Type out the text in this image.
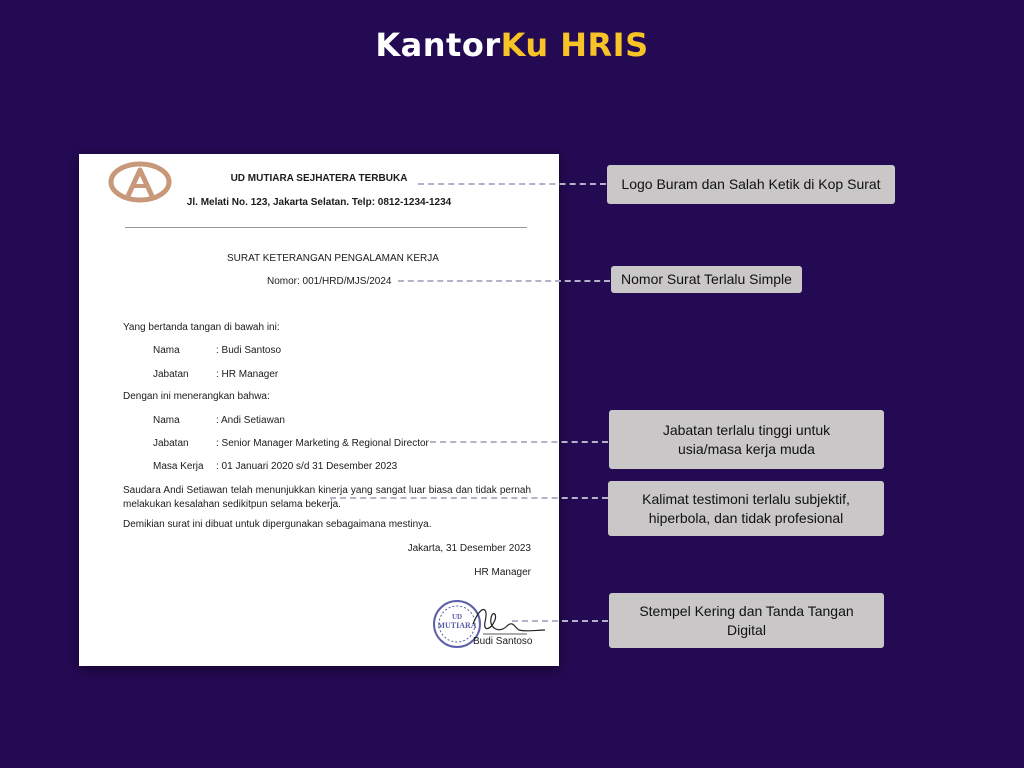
KantorKu HRIS
UD MUTIARA SEJHATERA TERBUKA
Jl. Melati No. 123, Jakarta Selatan. Telp: 0812-1234-1234
SURAT KETERANGAN PENGALAMAN KERJA
Nomor: 001/HRD/MJS/2024
Yang bertanda tangan di bawah ini:
Nama	: Budi Santoso
Jabatan	: HR Manager
Dengan ini menerangkan bahwa:
Nama	: Andi Setiawan
Jabatan	: Senior Manager Marketing & Regional Director
Masa Kerja : 01 Januari 2020 s/d 31 Desember 2023
Saudara Andi Setiawan telah menunjukkan kinerja yang sangat luar biasa dan tidak pernah melakukan kesalahan sedikitpun selama bekerja.
Demikian surat ini dibuat untuk dipergunakan sebagaimana mestinya.
Jakarta, 31 Desember 2023
HR Manager
UD
MUTIARA
Budi Santoso
Logo Buram dan Salah Ketik di Kop Surat
Nomor Surat Terlalu Simple
Jabatan terlalu tinggi untuk usia/masa kerja muda
Kalimat testimoni terlalu subjektif, hiperbola, dan tidak profesional
Stempel Kering dan Tanda Tangan Digital
